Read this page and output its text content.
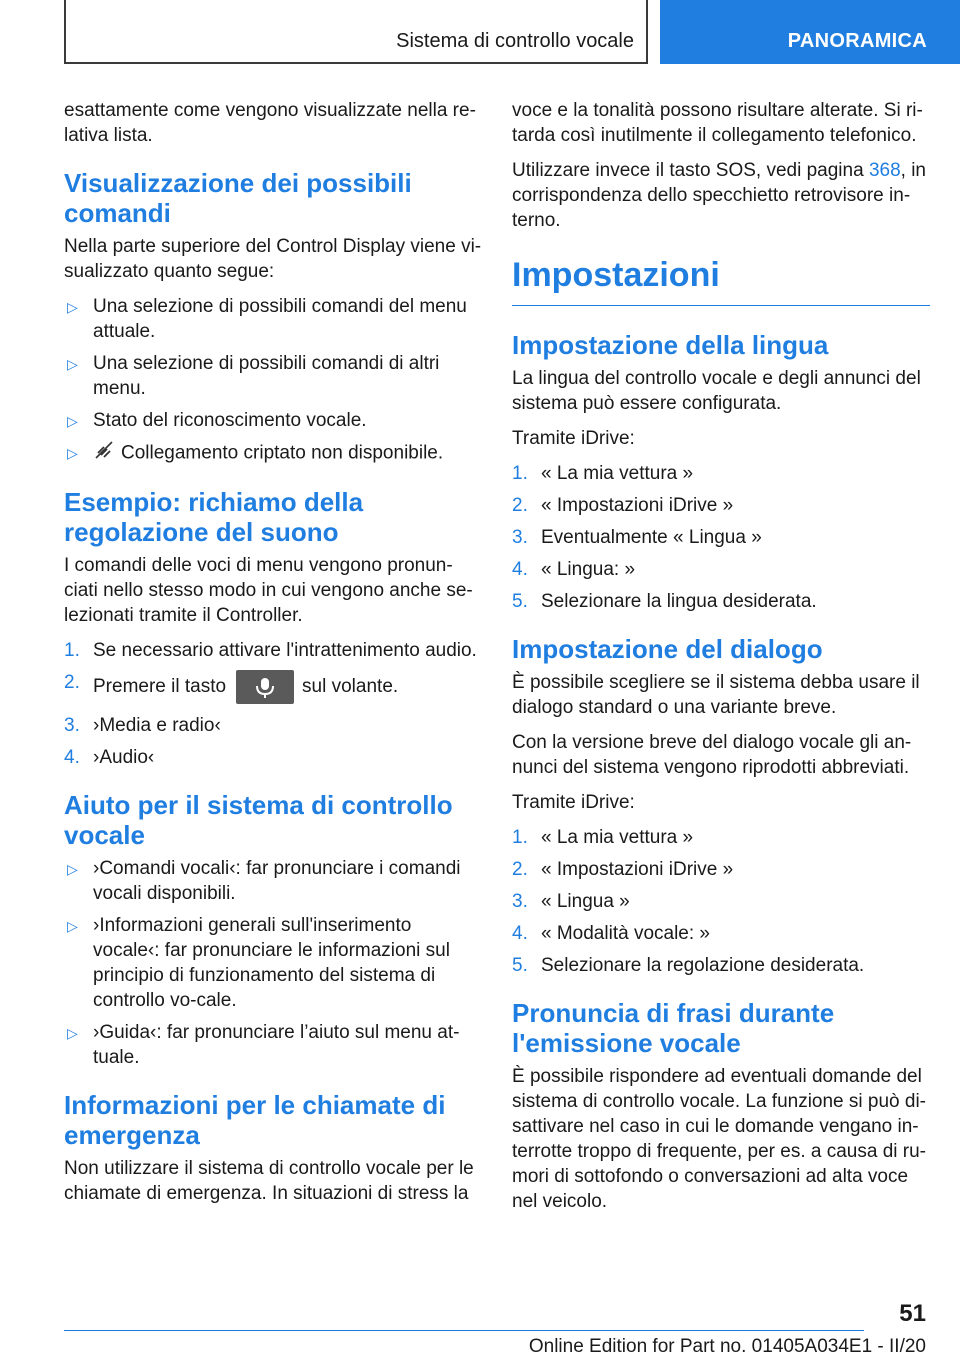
Sistema di controllo vocale	PANORAMICA

esattamente come vengono visualizzate nella re-lativa lista.

Visualizzazione dei possibili comandi

Nella parte superiore del Control Display viene vi-sualizzato quanto segue:

▷ Una selezione di possibili comandi del menu attuale.
▷ Una selezione di possibili comandi di altri menu.
▷ Stato del riconoscimento vocale.
▷ Collegamento criptato non disponibile.
Esempio: richiamo della regolazione del suono

I comandi delle voci di menu vengono pronun-ciati nello stesso modo in cui vengono anche se-lezionati tramite il Controller.

1. Se necessario attivare l'intrattenimento audio.
2. Premere il tasto	sul volante.
3. ›Media e radio‹
4. ›Audio‹
Aiuto per il sistema di controllo vocale
▷ ›Comandi vocali‹: far pronunciare i comandi vocali disponibili.
▷ ›Informazioni generali sull'inserimento vocale‹: far pronunciare le informazioni sul principio di funzionamento del sistema di controllo vo-cale.
▷ ›Guida‹: far pronunciare l’aiuto sul menu at-tuale.
Informazioni per le chiamate di emergenza

Non utilizzare il sistema di controllo vocale per le chiamate di emergenza. In situazioni di stress la

voce e la tonalità possono risultare alterate. Si ri-tarda così inutilmente il collegamento telefonico.

Utilizzare invece il tasto SOS, vedi pagina 368, in corrispondenza dello specchietto retrovisore in-terno.

Impostazioni
Impostazione della lingua

La lingua del controllo vocale e degli annunci del sistema può essere configurata.

Tramite iDrive:

1. « La mia vettura »
2. « Impostazioni iDrive »
3. Eventualmente « Lingua »
4. « Lingua: »
5. Selezionare la lingua desiderata.
Impostazione del dialogo

È possibile scegliere se il sistema debba usare il dialogo standard o una variante breve.

Con la versione breve del dialogo vocale gli an-nunci del sistema vengono riprodotti abbreviati.

Tramite iDrive:

1. « La mia vettura »
2. « Impostazioni iDrive »
3. « Lingua »
4. « Modalità vocale: »
5. Selezionare la regolazione desiderata.
Pronuncia di frasi durante l'emissione vocale

È possibile rispondere ad eventuali domande del sistema di controllo vocale. La funzione si può di-sattivare nel caso in cui le domande vengano in-terrotte troppo di frequente, per es. a causa di ru-mori di sottofondo o conversazioni ad alta voce nel veicolo.

51
Online Edition for Part no. 01405A034E1 - II/20
